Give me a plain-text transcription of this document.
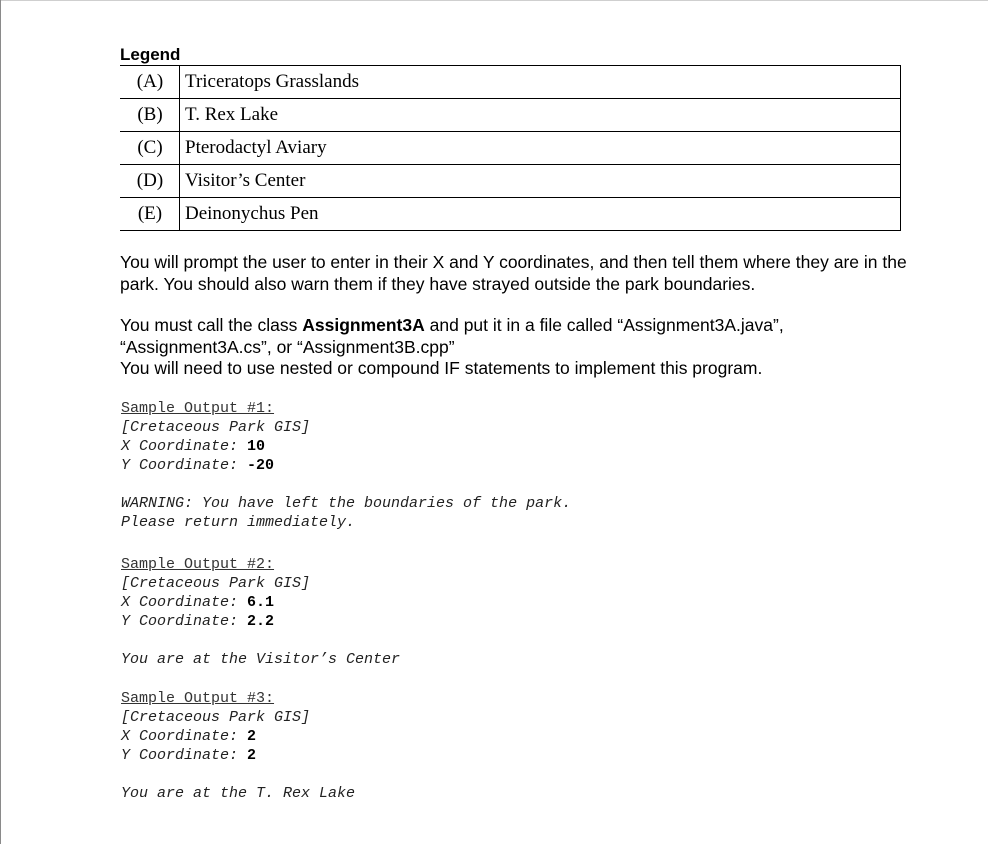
Legend
(A)	Triceratops Grasslands
(B)	T. Rex Lake
(C)	Pterodactyl Aviary
(D)	Visitor’s Center
(E)	Deinonychus Pen
You will prompt the user to enter in their X and Y coordinates, and then tell them where they are in the park. You should also warn them if they have strayed outside the park boundaries.
You must call the class Assignment3A and put it in a file called “Assignment3A.java”, “Assignment3A.cs”, or “Assignment3B.cpp”
You will need to use nested or compound IF statements to implement this program.
Sample Output #1:
[Cretaceous Park GIS]
X Coordinate: 10
Y Coordinate: -20

WARNING: You have left the boundaries of the park.
Please return immediately.
Sample Output #2:
[Cretaceous Park GIS]
X Coordinate: 6.1
Y Coordinate: 2.2

You are at the Visitor’s Center
Sample Output #3:
[Cretaceous Park GIS]
X Coordinate: 2
Y Coordinate: 2

You are at the T. Rex Lake
